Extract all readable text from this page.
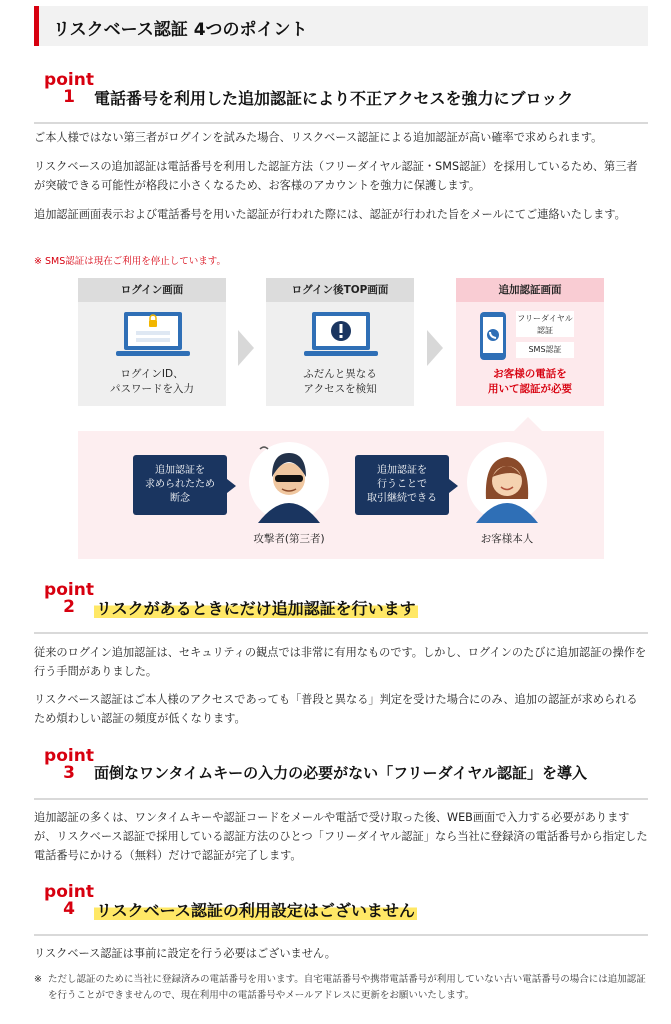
リスクベース認証 4つのポイント
point
1	電話番号を利用した追加認証により不正アクセスを強力にブロック
ご本人様ではない第三者がログインを試みた場合、リスクベース認証による追加認証が高い確率で求められます。
リスクベースの追加認証は電話番号を利用した認証方法（フリーダイヤル認証・SMS認証）を採用しているため、第三者が突破できる可能性が格段に小さくなるため、お客様のアカウントを強力に保護します。
追加認証画面表示および電話番号を用いた認証が行われた際には、認証が行われた旨をメールにてご連絡いたします。
※ SMS認証は現在ご利用を停止しています。
ログイン画面
ログインID、
パスワードを入力
ログイン後TOP画面
ふだんと異なる
アクセスを検知
追加認証画面
フリーダイヤル
認証
SMS認証
お客様の電話を
用いて認証が必要
追加認証を
求められたため
断念
攻撃者(第三者)
追加認証を
行うことで
取引継続できる
お客様本人
point
2	リスクがあるときにだけ追加認証を行います
従来のログイン追加認証は、セキュリティの観点では非常に有用なものです。しかし、ログインのたびに追加認証の操作を行う手間がありました。
リスクベース認証はご本人様のアクセスであっても「普段と異なる」判定を受けた場合にのみ、追加の認証が求められるため煩わしい認証の頻度が低くなります。
point
3	面倒なワンタイムキーの入力の必要がない「フリーダイヤル認証」を導入
追加認証の多くは、ワンタイムキーや認証コードをメールや電話で受け取った後、WEB画面で入力する必要がありますが、リスクベース認証で採用している認証方法のひとつ「フリーダイヤル認証」なら当社に登録済の電話番号から指定した電話番号にかける（無料）だけで認証が完了します。
point
4	リスクベース認証の利用設定はございません
リスクベース認証は事前に設定を行う必要はございません。
※ ただし認証のために当社に登録済みの電話番号を用います。自宅電話番号や携帯電話番号が利用していない古い電話番号の場合には追加認証を行うことができませんので、現在利用中の電話番号やメールアドレスに更新をお願いいたします。
